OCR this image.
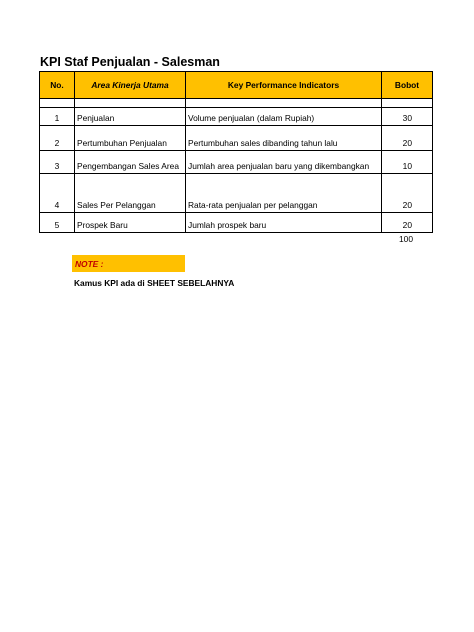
KPI Staf Penjualan - Salesman
No.	Area Kinerja Utama	Key Performance Indicators	Bobot

1	Penjualan	Volume penjualan (dalam Rupiah)	30
2	Pertumbuhan Penjualan	Pertumbuhan sales dibanding tahun lalu	20
3	Pengembangan Sales Area	Jumlah area penjualan baru yang dikembangkan	10
4	Sales Per Pelanggan	Rata-rata penjualan per pelanggan	20
5	Prospek Baru	Jumlah prospek baru	20
100
NOTE :
Kamus KPI ada di SHEET SEBELAHNYA
